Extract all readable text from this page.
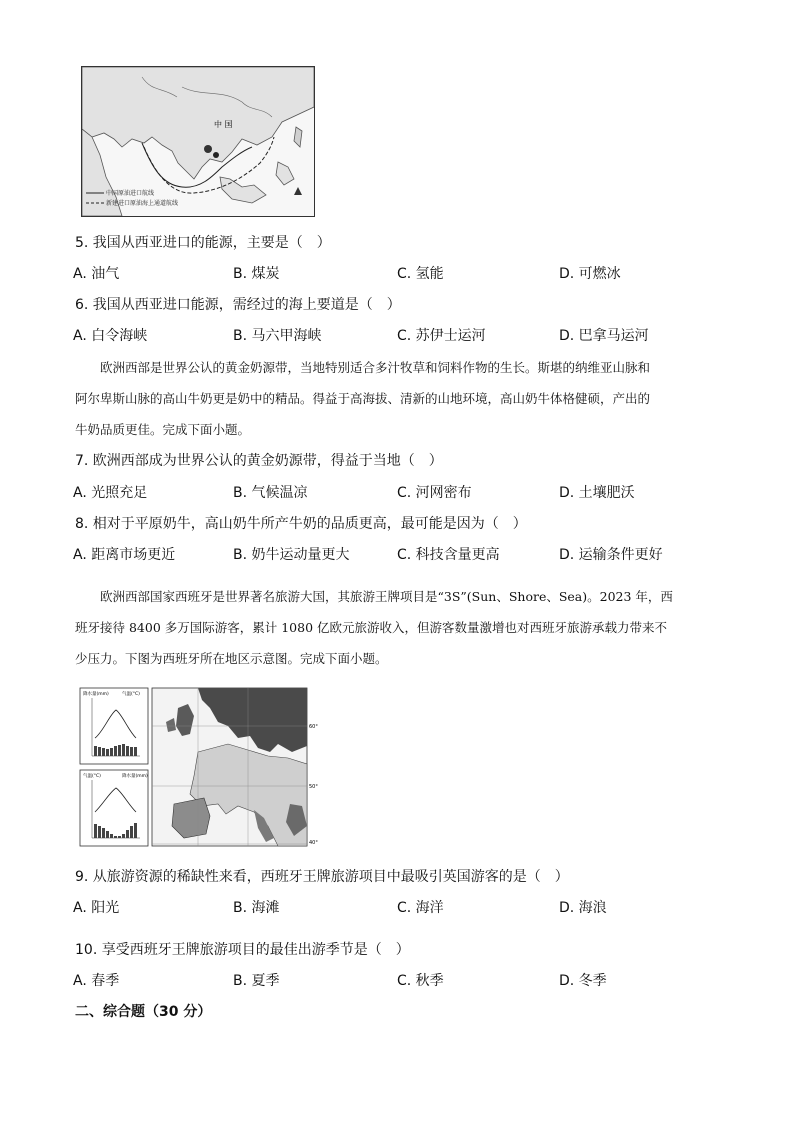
中国原油进口航线
新建进口原油海上通道航线
中 国
5. 我国从西亚进口的能源，主要是（　）
A. 油气	B. 煤炭	C. 氢能	D. 可燃冰
6. 我国从西亚进口能源，需经过的海上要道是（　）
A. 白令海峡	B. 马六甲海峡	C. 苏伊士运河	D. 巴拿马运河
欧洲西部是世界公认的黄金奶源带，当地特别适合多汁牧草和饲料作物的生长。斯堪的纳维亚山脉和
阿尔卑斯山脉的高山牛奶更是奶中的精品。得益于高海拔、清新的山地环境，高山奶牛体格健硕，产出的
牛奶品质更佳。完成下面小题。
7. 欧洲西部成为世界公认的黄金奶源带，得益于当地（　）
A. 光照充足	B. 气候温凉	C. 河网密布	D. 土壤肥沃
8. 相对于平原奶牛，高山奶牛所产牛奶的品质更高，最可能是因为（　）
A. 距离市场更近	B. 奶牛运动量更大	C. 科技含量更高	D. 运输条件更好
欧洲西部国家西班牙是世界著名旅游大国，其旅游王牌项目是“3S”(Sun、Shore、Sea)。2023 年，西
班牙接待 8400 多万国际游客，累计 1080 亿欧元旅游收入，但游客数量激增也对西班牙旅游承载力带来不
少压力。下图为西班牙所在地区示意图。完成下面小题。
降水量(mm)	气温(°C)
气温(°C)	降水量(mm)
60°
50°
40°
9. 从旅游资源的稀缺性来看，西班牙王牌旅游项目中最吸引英国游客的是（　）
A. 阳光	B. 海滩	C. 海洋	D. 海浪
10. 享受西班牙王牌旅游项目的最佳出游季节是（　）
A. 春季	B. 夏季	C. 秋季	D. 冬季
二、综合题（30 分）
